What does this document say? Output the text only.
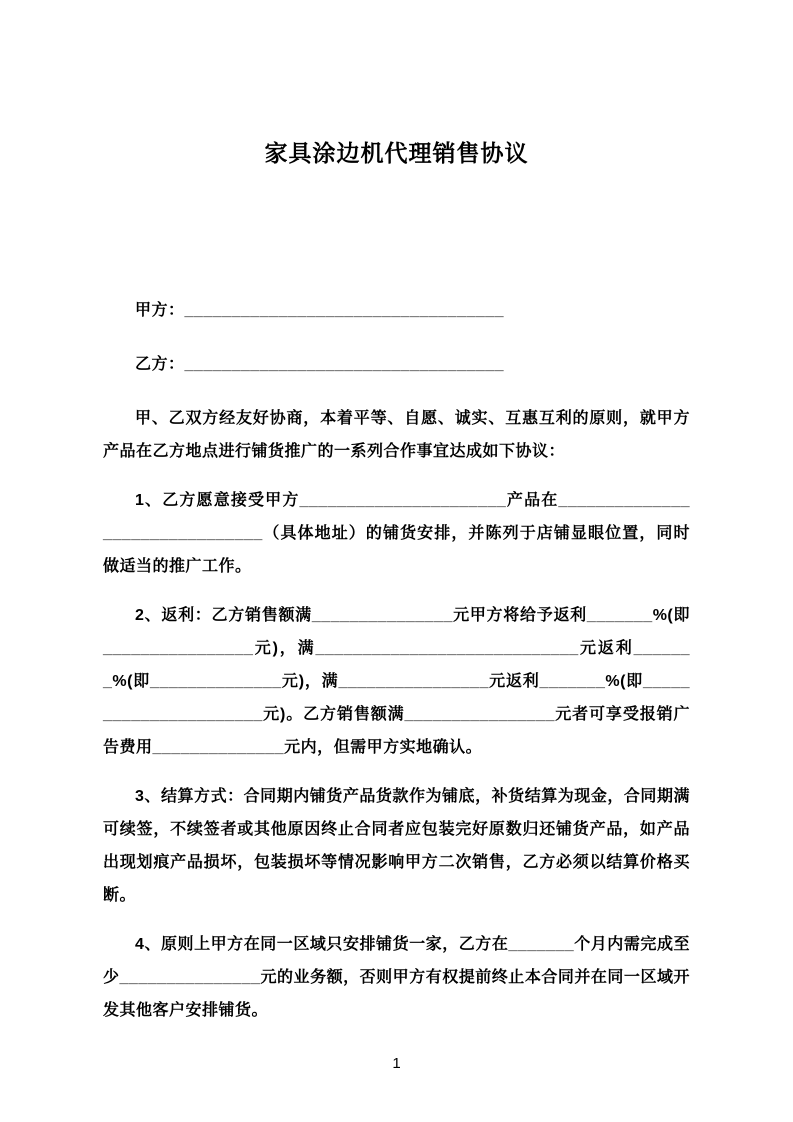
家具涂边机代理销售协议

甲方：__________________________________

乙方：__________________________________

甲、乙双方经友好协商，本着平等、自愿、诚实、互惠互利的原则，就甲方产品在乙方地点进行铺货推广的一系列合作事宜达成如下协议：

1、乙方愿意接受甲方______________________产品在_______________________________（具体地址）的铺货安排，并陈列于店铺显眼位置，同时做适当的推广工作。

2、返利：乙方销售额满_______________元甲方将给予返利_______%(即________________元)，满____________________________元返利_______%(即______________元)，满________________元返利_______%(即______________________元)。乙方销售额满________________元者可享受报销广告费用______________元内，但需甲方实地确认。

3、结算方式：合同期内铺货产品货款作为铺底，补货结算为现金，合同期满可续签，不续签者或其他原因终止合同者应包装完好原数归还铺货产品，如产品出现划痕产品损坏，包装损坏等情况影响甲方二次销售，乙方必须以结算价格买断。

4、原则上甲方在同一区域只安排铺货一家，乙方在_______个月内需完成至少_______________元的业务额，否则甲方有权提前终止本合同并在同一区域开发其他客户安排铺货。

1
